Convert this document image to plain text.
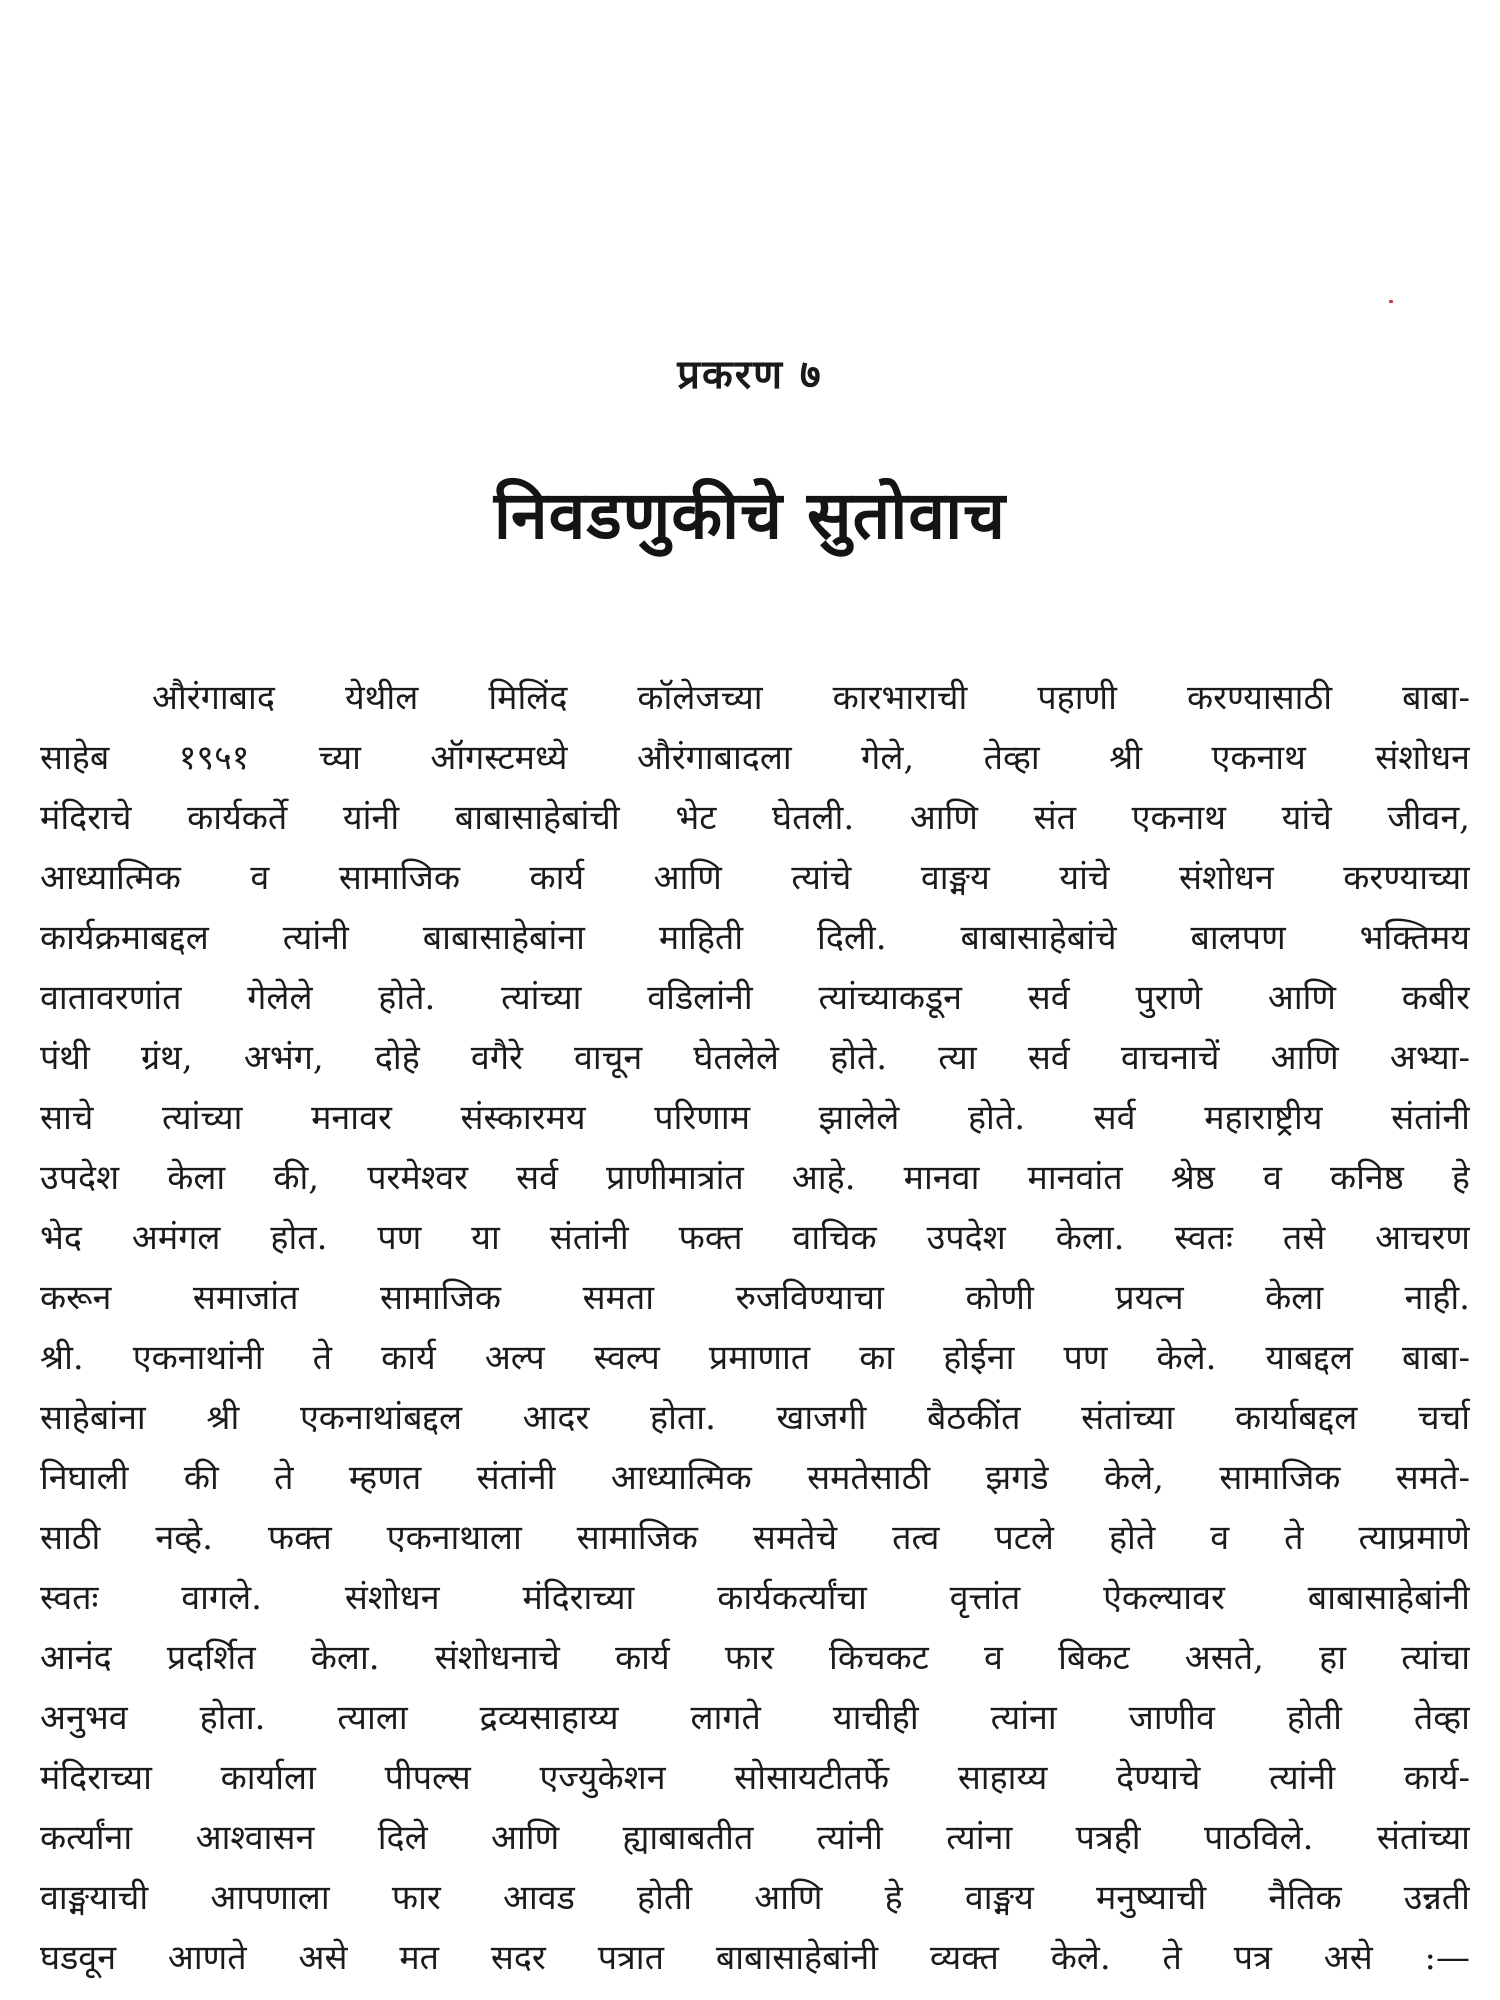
प्रकरण ७
निवडणुकीचे सुतोवाच
औरंगाबाद येथील मिलिंद कॉलेजच्या कारभाराची पहाणी करण्यासाठी बाबा-
साहेब १९५१ च्या ऑगस्टमध्ये औरंगाबादला गेले, तेव्हा श्री एकनाथ संशोधन
मंदिराचे कार्यकर्ते यांनी बाबासाहेबांची भेट घेतली. आणि संत एकनाथ यांचे जीवन,
आध्यात्मिक व सामाजिक कार्य आणि त्यांचे वाङ्मय यांचे संशोधन करण्याच्या
कार्यक्रमाबद्दल त्यांनी बाबासाहेबांना माहिती दिली. बाबासाहेबांचे बालपण भक्तिमय
वातावरणांत गेलेले होते. त्यांच्या वडिलांनी त्यांच्याकडून सर्व पुराणे आणि कबीर
पंथी ग्रंथ, अभंग, दोहे वगैरे वाचून घेतलेले होते. त्या सर्व वाचनाचें आणि अभ्या-
साचे त्यांच्या मनावर संस्कारमय परिणाम झालेले होते. सर्व महाराष्ट्रीय संतांनी
उपदेश केला की, परमेश्वर सर्व प्राणीमात्रांत आहे. मानवा मानवांत श्रेष्ठ व कनिष्ठ हे
भेद अमंगल होत. पण या संतांनी फक्त वाचिक उपदेश केला. स्वतः तसे आचरण
करून समाजांत सामाजिक समता रुजविण्याचा कोणी प्रयत्न केला नाही.
श्री. एकनाथांनी ते कार्य अल्प स्वल्प प्रमाणात का होईना पण केले. याबद्दल बाबा-
साहेबांना श्री एकनाथांबद्दल आदर होता. खाजगी बैठकींत संतांच्या कार्याबद्दल चर्चा
निघाली की ते म्हणत संतांनी आध्यात्मिक समतेसाठी झगडे केले, सामाजिक समते-
साठी नव्हे. फक्त एकनाथाला सामाजिक समतेचे तत्व पटले होते व ते त्याप्रमाणे
स्वतः वागले. संशोधन मंदिराच्या कार्यकर्त्यांचा वृत्तांत ऐकल्यावर बाबासाहेबांनी
आनंद प्रदर्शित केला. संशोधनाचे कार्य फार किचकट व बिकट असते, हा त्यांचा
अनुभव होता. त्याला द्रव्यसाहाय्य लागते याचीही त्यांना जाणीव होती तेव्हा
मंदिराच्या कार्याला पीपल्स एज्युकेशन सोसायटीतर्फे साहाय्य देण्याचे त्यांनी कार्य-
कर्त्यांना आश्वासन दिले आणि ह्याबाबतीत त्यांनी त्यांना पत्रही पाठविले. संतांच्या
वाङ्मयाची आपणाला फार आवड होती आणि हे वाङ्मय मनुष्याची नैतिक उन्नती
घडवून आणते असे मत सदर पत्रात बाबासाहेबांनी व्यक्त केले. ते पत्र असे :—
